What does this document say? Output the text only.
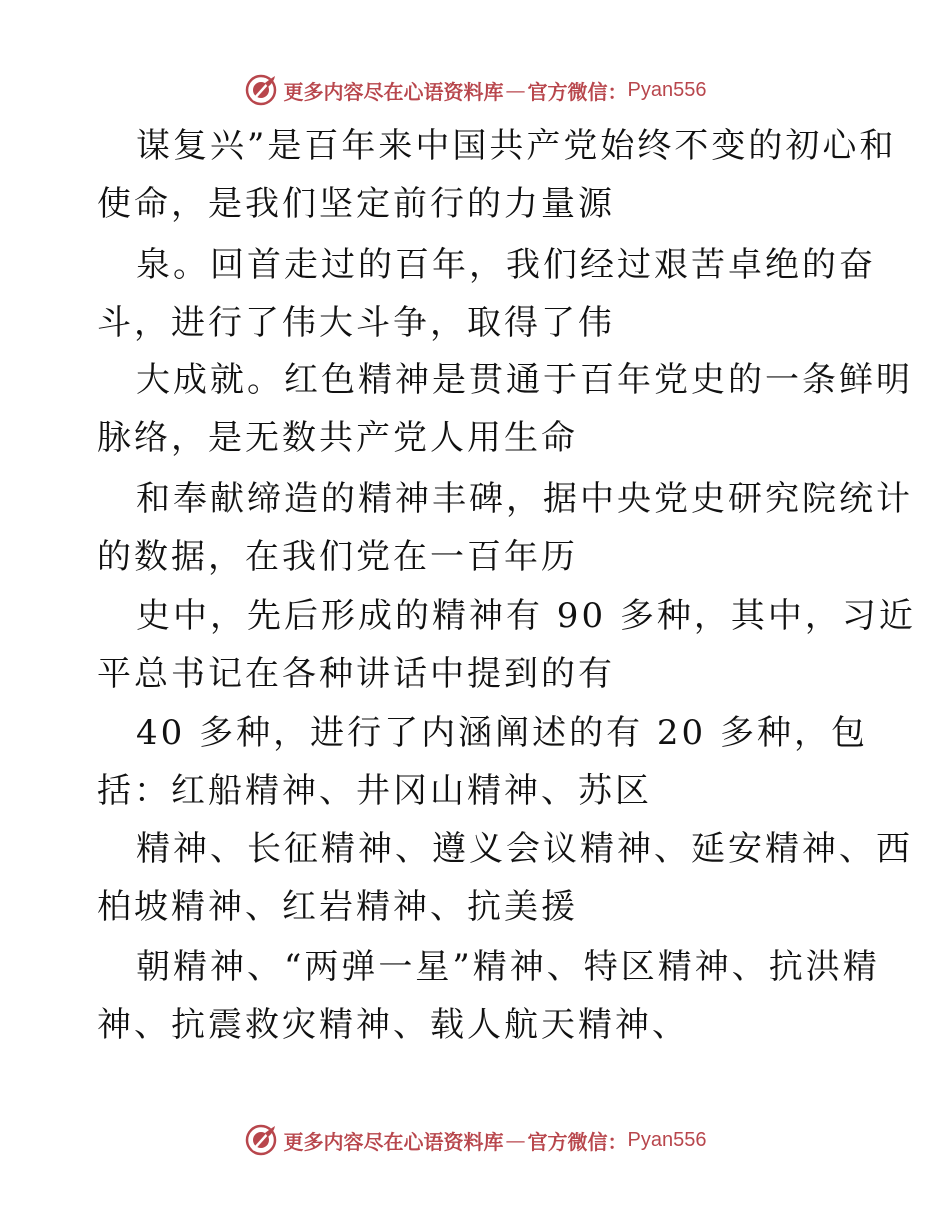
更多内容尽在心语资料库 — 官方微信： Pyan556
谋复兴”是百年来中国共产党始终不变的初心和
使命，是我们坚定前行的力量源
泉。回首走过的百年，我们经过艰苦卓绝的奋
斗，进行了伟大斗争，取得了伟
大成就。红色精神是贯通于百年党史的一条鲜明
脉络，是无数共产党人用生命
和奉献缔造的精神丰碑，据中央党史研究院统计
的数据，在我们党在一百年历
史中，先后形成的精神有 90 多种，其中，习近
平总书记在各种讲话中提到的有
40 多种，进行了内涵阐述的有 20 多种，包
括：红船精神、井冈山精神、苏区
精神、长征精神、遵义会议精神、延安精神、西
柏坡精神、红岩精神、抗美援
朝精神、“两弹一星”精神、特区精神、抗洪精
神、抗震救灾精神、载人航天精神、
更多内容尽在心语资料库 — 官方微信： Pyan556
